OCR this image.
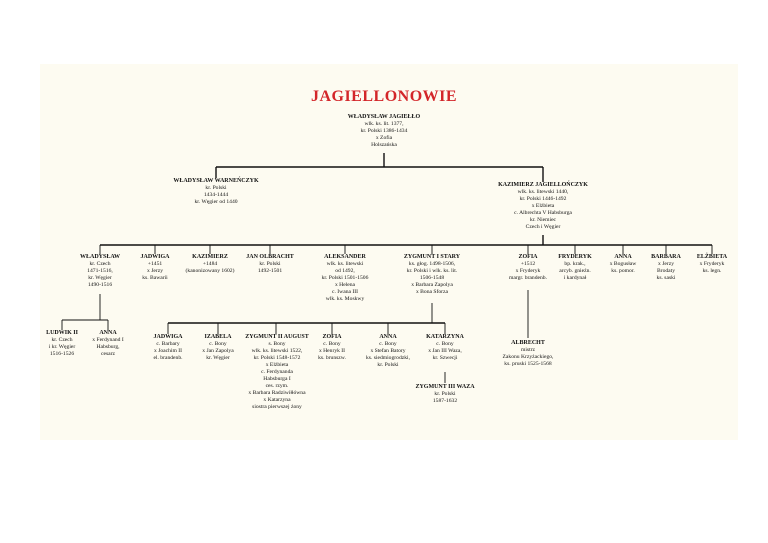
JAGIELLONOWIE
WŁADYSŁAW JAGIEŁŁO
wlk. ks. lit. 1377,
kr. Polski 1386-1434
x Zofia
Holszańska
WŁADYSŁAW WARNEŃCZYK
kr. Polski
1434-1444
kr. Węgier od 1440
KAZIMIERZ JAGIELLOŃCZYK
wlk. ks. litewski 1440,
kr. Polski 1446-1492
x Elżbieta
c. Albrechta V Habsburga
kr. Niemiec
Czech i Węgier
WŁADYSŁAW
kr. Czech
1471-1516,
kr. Węgier
1490-1516
JADWIGA
+1451
x Jerzy
ks. Bawarii
KAZIMIERZ
+1484
(kanonizowany 1602)
JAN OLBRACHT
kr. Polski
1492-1501
ALEKSANDER
wlk. ks. litewski
od 1492,
kr. Polski 1501-1506
x Helena
c. Iwana III
wlk. ks. Moskwy
ZYGMUNT I STARY
ks. głog. 1498-1506,
kr. Polski i wlk. ks. lit.
1506-1548
x Barbara Zapolya
x Bona Sforza
ZOFIA
+1512
x Fryderyk
margr. brandenb.
FRYDERYK
bp. krak.,
arcyb. gnieźn.
i kardynał
ANNA
x Bogusław
ks. pomor.
BARBARA
x Jerzy
Brodaty
ks. saski
ELŻBIETA
x Fryderyk
ks. legn.
LUDWIK II
kr. Czech
i kr. Węgier
1516-1526
ANNA
x Ferdynand I
Habsburg,
cesarz
JADWIGA
c. Barbary
x Joachim II
el. brandenb.
IZABELA
c. Bony
x Jan Zapolya
kr. Węgier
ZYGMUNT II AUGUST
s. Bony
wlk. ks. litewski 1522,
kr. Polski 1548-1572
x Elżbieta
c. Ferdynanda
Habsburga I
ces. rzym.
x Barbara Radziwiłłówna
x Katarzyna
siostra pierwszej żony
ZOFIA
c. Bony
x Henryk II
ks. brunszw.
ANNA
c. Bony
x Stefan Batory
ks. siedmiogrodzki,
kr. Polski
KATARZYNA
c. Bony
x Jan III Waza,
kr. Szwecji
ALBRECHT
mistrz
Zakonu Krzyżackiego,
ks. pruski 1525-1568
ZYGMUNT III WAZA
kr. Polski
1587-1632
